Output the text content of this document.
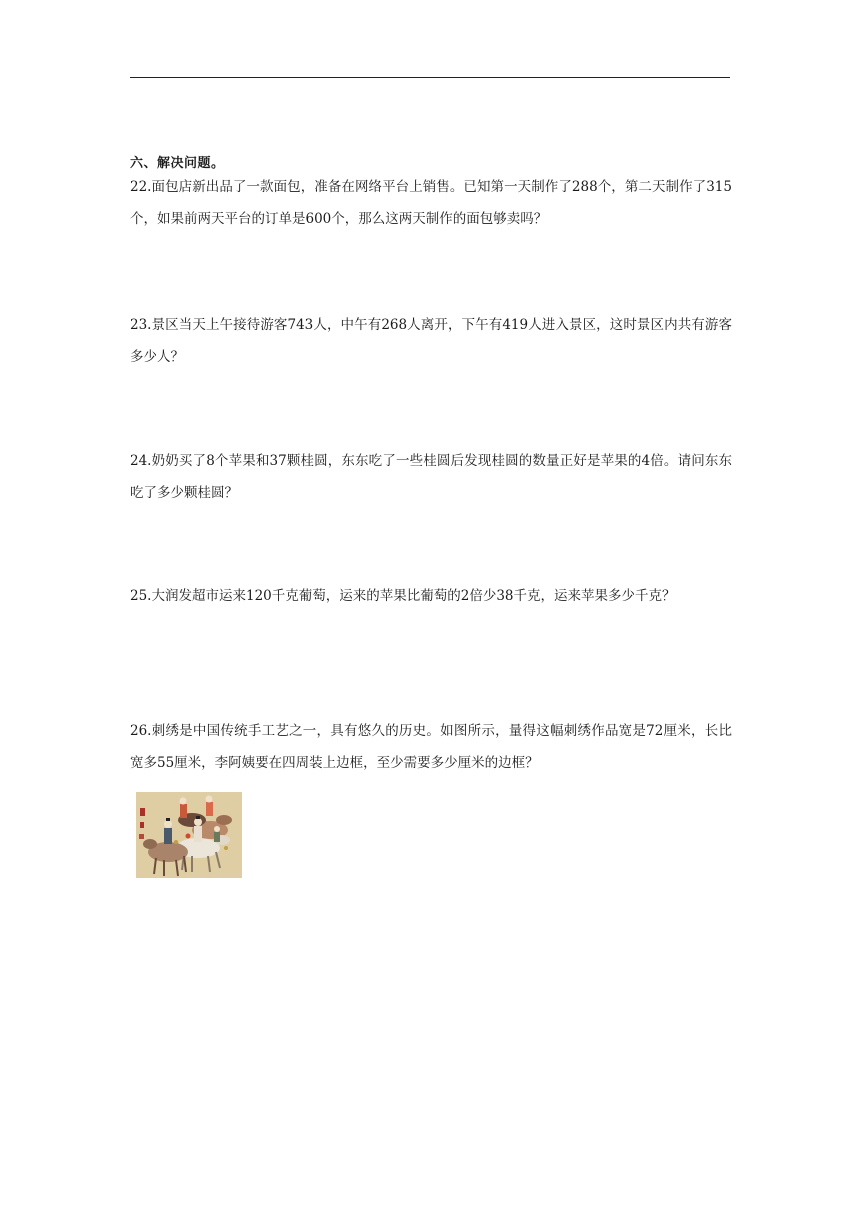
六、解决问题。
22.面包店新出品了一款面包，准备在网络平台上销售。已知第一天制作了288个，第二天制作了315个，如果前两天平台的订单是600个，那么这两天制作的面包够卖吗？
23.景区当天上午接待游客743人，中午有268人离开，下午有419人进入景区，这时景区内共有游客多少人？
24.奶奶买了8个苹果和37颗桂圆，东东吃了一些桂圆后发现桂圆的数量正好是苹果的4倍。请问东东吃了多少颗桂圆？
25.大润发超市运来120千克葡萄，运来的苹果比葡萄的2倍少38千克，运来苹果多少千克？
26.刺绣是中国传统手工艺之一，具有悠久的历史。如图所示，量得这幅刺绣作品宽是72厘米，长比宽多55厘米，李阿姨要在四周装上边框，至少需要多少厘米的边框？
